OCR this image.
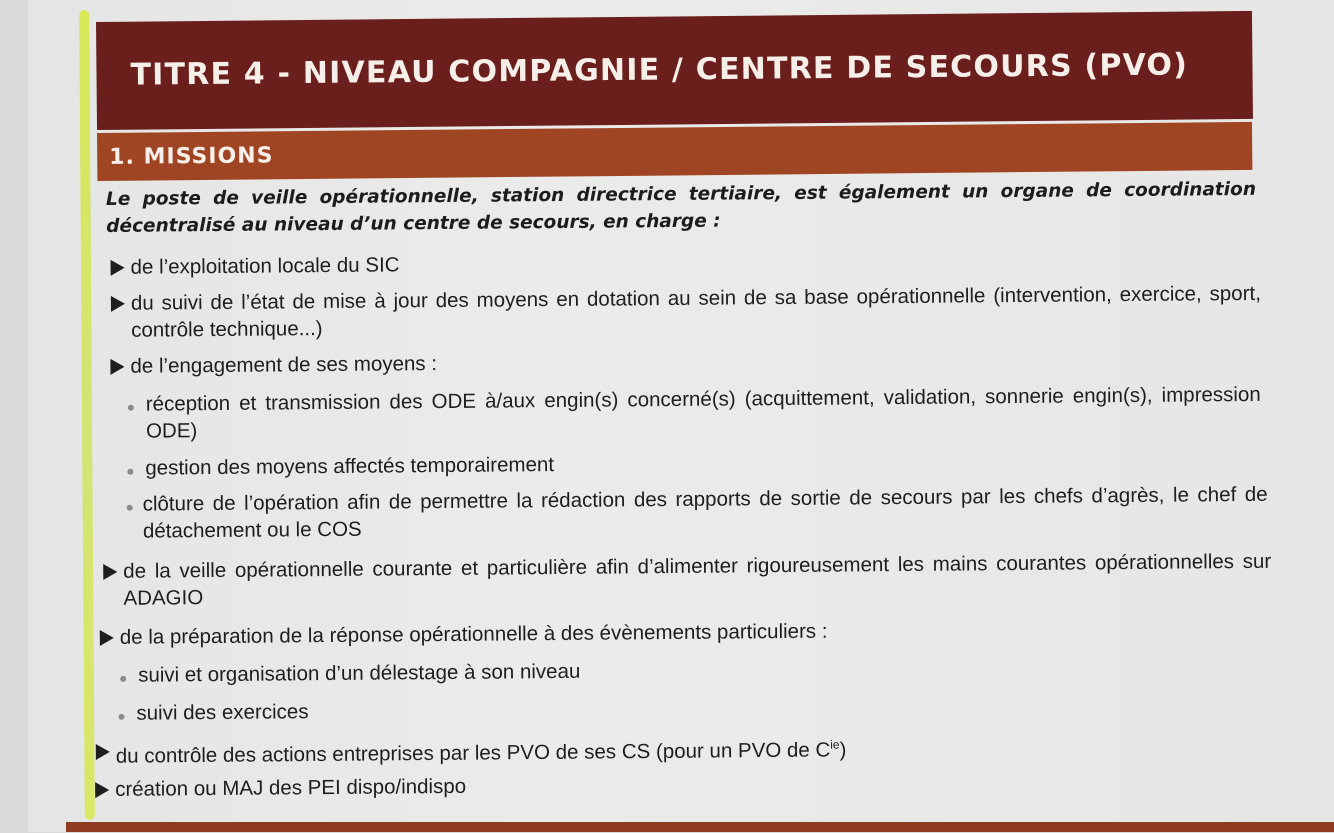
TITRE 4 - NIVEAU COMPAGNIE / CENTRE DE SECOURS (PVO)
1. MISSIONS
Le poste de veille opérationnelle, station directrice tertiaire, est également un organe de coordination décentralisé au niveau d’un centre de secours, en charge :
de l’exploitation locale du SIC
du suivi de l’état de mise à jour des moyens en dotation au sein de sa base opérationnelle (intervention, exercice, sport, contrôle technique...)
de l’engagement de ses moyens :
réception et transmission des ODE à/aux engin(s) concerné(s) (acquittement, validation, sonnerie engin(s), impression ODE)
gestion des moyens affectés temporairement
clôture de l’opération afin de permettre la rédaction des rapports de sortie de secours par les chefs d’agrès, le chef de détachement ou le COS
de la veille opérationnelle courante et particulière afin d’alimenter rigoureusement les mains courantes opérationnelles sur ADAGIO
de la préparation de la réponse opérationnelle à des évènements particuliers :
suivi et organisation d’un délestage à son niveau
suivi des exercices
du contrôle des actions entreprises par les PVO de ses CS (pour un PVO de $C^{ie}$)
création ou MAJ des PEI dispo/indispo
